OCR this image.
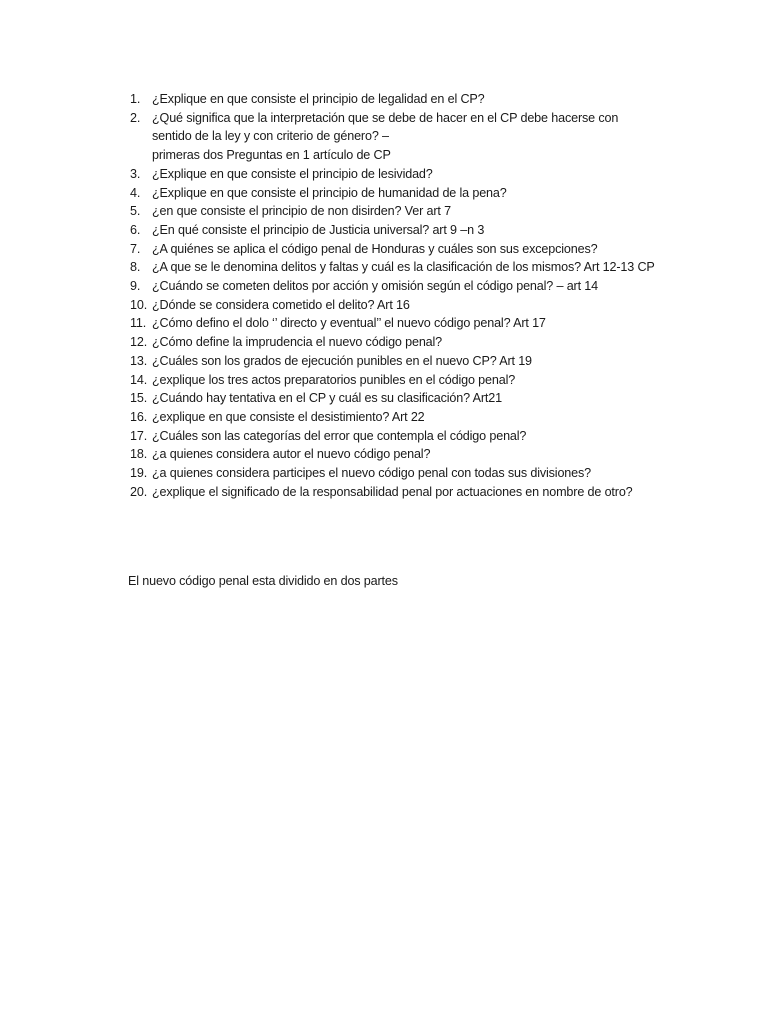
1. ¿Explique en que consiste el principio de legalidad en el CP?
2. ¿Qué significa que la interpretación que se debe de hacer en el CP debe hacerse con
sentido de la ley y con criterio de género? –
primeras dos Preguntas en 1 artículo de CP
3. ¿Explique en que consiste el principio de lesividad?
4. ¿Explique en que consiste el principio de humanidad de la pena?
5. ¿en que consiste el principio de non disirden? Ver art 7
6. ¿En qué consiste el principio de Justicia universal? art 9 –n 3
7. ¿A quiénes se aplica el código penal de Honduras y cuáles son sus excepciones?
8. ¿A que se le denomina delitos y faltas y cuál es la clasificación de los mismos? Art 12-13 CP
9. ¿Cuándo se cometen delitos por acción y omisión según el código penal? – art 14
10. ¿Dónde se considera cometido el delito? Art 16
11. ¿Cómo defino el dolo ‘’ directo y eventual’’ el nuevo código penal? Art 17
12. ¿Cómo define la imprudencia el nuevo código penal?
13. ¿Cuáles son los grados de ejecución punibles en el nuevo CP? Art 19
14. ¿explique los tres actos preparatorios punibles en el código penal?
15. ¿Cuándo hay tentativa en el CP y cuál es su clasificación? Art21
16. ¿explique en que consiste el desistimiento? Art 22
17. ¿Cuáles son las categorías del error que contempla el código penal?
18. ¿a quienes considera autor el nuevo código penal?
19. ¿a quienes considera participes el nuevo código penal con todas sus divisiones?
20. ¿explique el significado de la responsabilidad penal por actuaciones en nombre de otro?

El nuevo código penal esta dividido en dos partes
